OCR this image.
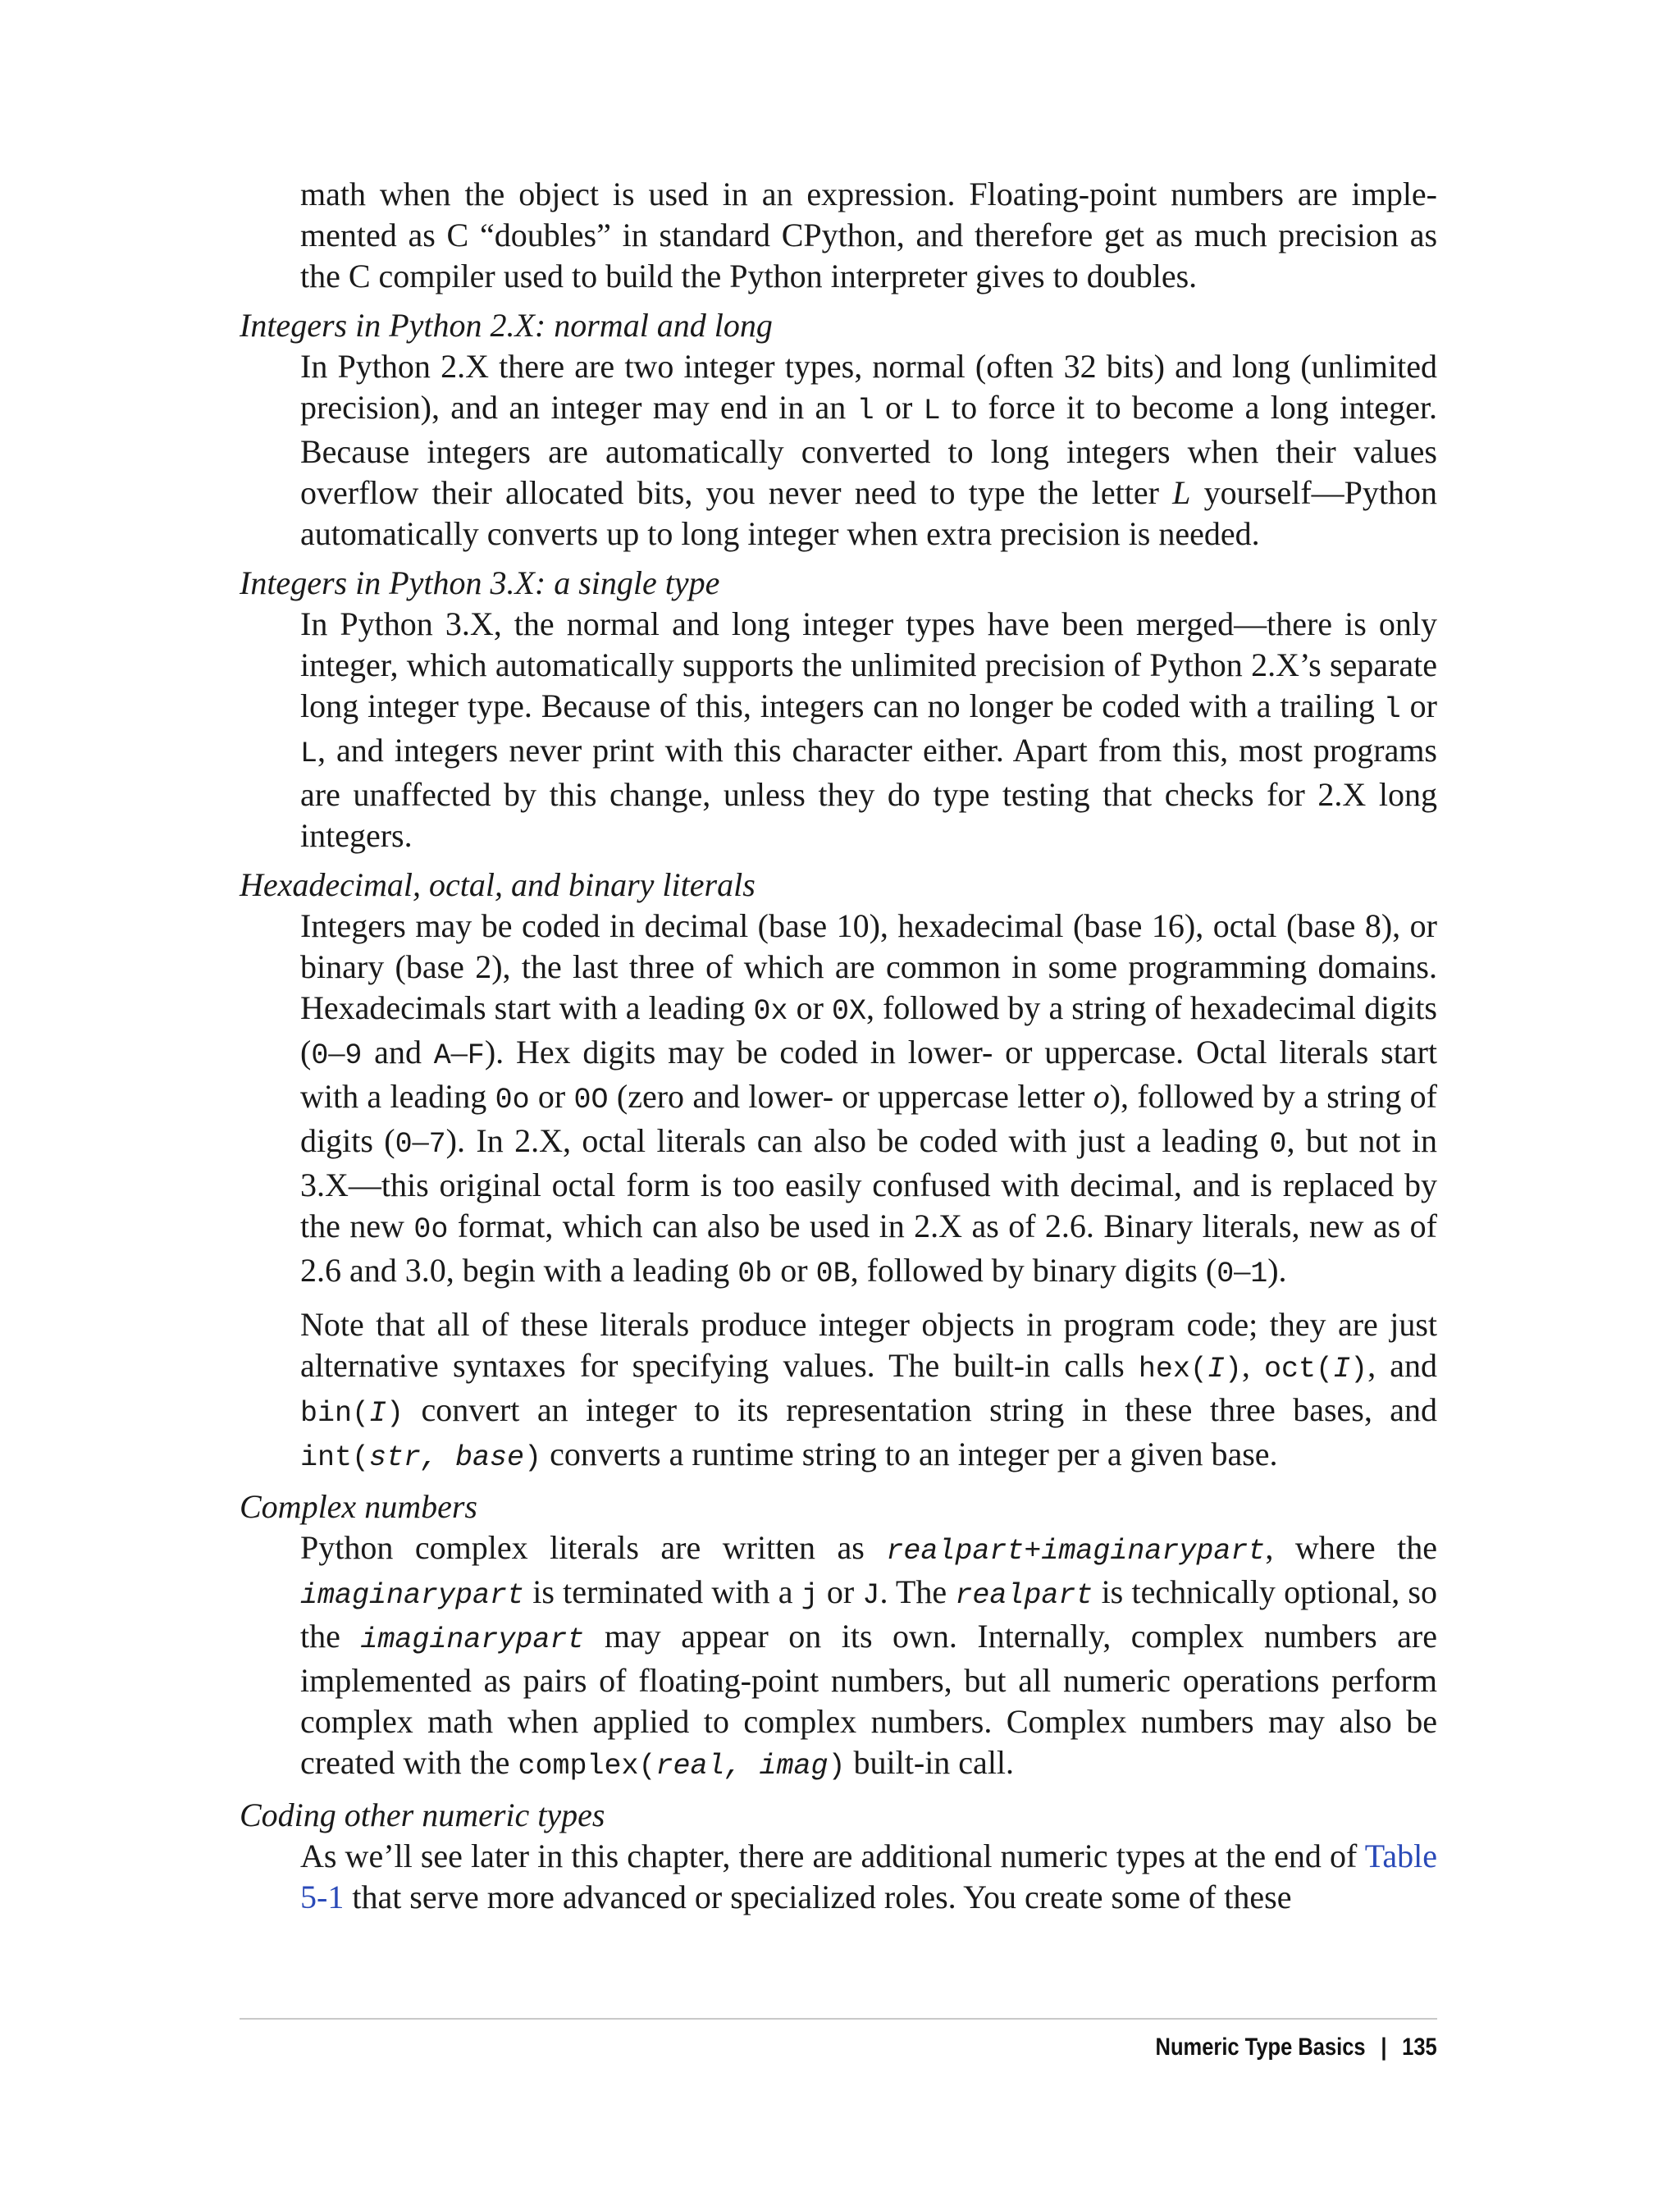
math when the object is used in an expression. Floating-point numbers are imple- mented as C “doubles” in standard CPython, and therefore get as much precision as the C compiler used to build the Python interpreter gives to doubles.

Integers in Python 2.X: normal and long

In Python 2.X there are two integer types, normal (often 32 bits) and long (unlimited precision), and an integer may end in an l or L to force it to become a long integer. Because integers are automatically converted to long integers when their values overflow their allocated bits, you never need to type the letter L yourself—Python automatically converts up to long integer when extra precision is needed.

Integers in Python 3.X: a single type

In Python 3.X, the normal and long integer types have been merged—there is only integer, which automatically supports the unlimited precision of Python 2.X’s separate long integer type. Because of this, integers can no longer be coded with a trailing l or L, and integers never print with this character either. Apart from this, most programs are unaffected by this change, unless they do type testing that checks for 2.X long integers.

Hexadecimal, octal, and binary literals

Integers may be coded in decimal (base 10), hexadecimal (base 16), octal (base 8), or binary (base 2), the last three of which are common in some programming domains. Hexadecimals start with a leading 0x or 0X, followed by a string of hexadecimal digits (0–9 and A–F). Hex digits may be coded in lower- or uppercase. Octal literals start with a leading 0o or 0O (zero and lower- or uppercase letter o), followed by a string of digits (0–7). In 2.X, octal literals can also be coded with just a leading 0, but not in 3.X—this original octal form is too easily confused with decimal, and is replaced by the new 0o format, which can also be used in 2.X as of 2.6. Binary literals, new as of 2.6 and 3.0, begin with a leading 0b or 0B, followed by binary digits (0–1).

Note that all of these literals produce integer objects in program code; they are just alternative syntaxes for specifying values. The built-in calls hex(I), oct(I), and bin(I) convert an integer to its representation string in these three bases, and int(str, base) converts a runtime string to an integer per a given base.

Complex numbers

Python complex literals are written as realpart+imaginarypart, where the imaginarypart is terminated with a j or J. The realpart is technically optional, so the imaginarypart may appear on its own. Internally, complex numbers are implemented as pairs of floating-point numbers, but all numeric operations perform complex math when applied to complex numbers. Complex numbers may also be created with the complex(real, imag) built-in call.

Coding other numeric types

As we’ll see later in this chapter, there are additional numeric types at the end of Table 5-1 that serve more advanced or specialized roles. You create some of these

Numeric Type Basics | 135
